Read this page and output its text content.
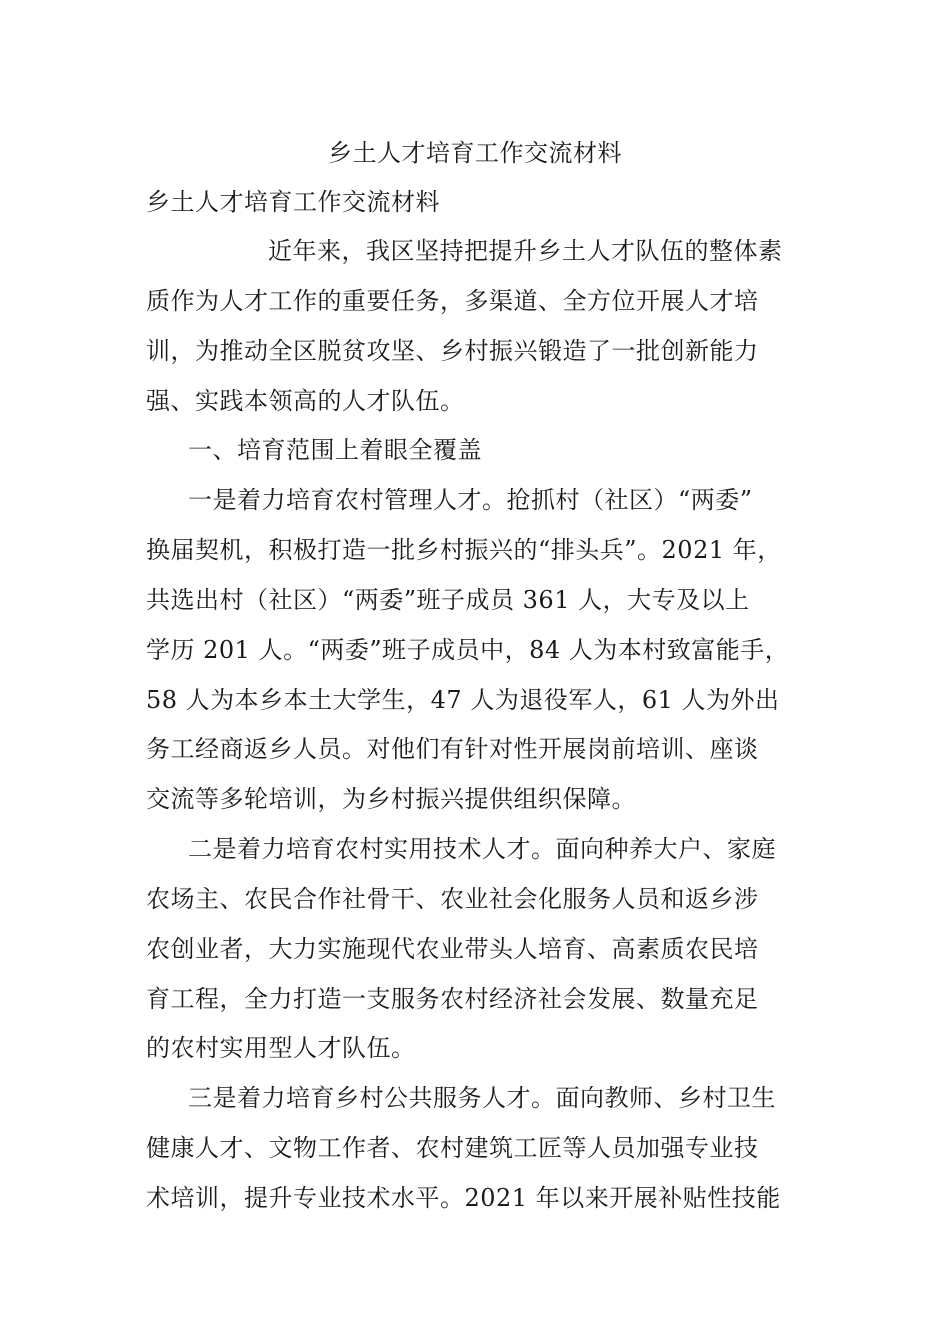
乡土人才培育工作交流材料
乡土人才培育工作交流材料
近年来，我区坚持把提升乡土人才队伍的整体素
质作为人才工作的重要任务，多渠道、全方位开展人才培
训，为推动全区脱贫攻坚、乡村振兴锻造了一批创新能力
强、实践本领高的人才队伍。
一、培育范围上着眼全覆盖
一是着力培育农村管理人才。抢抓村（社区）“两委”
换届契机，积极打造一批乡村振兴的“排头兵”。2021 年，
共选出村（社区）“两委”班子成员 361 人，大专及以上
学历 201 人。“两委”班子成员中，84 人为本村致富能手，
58 人为本乡本土大学生，47 人为退役军人，61 人为外出
务工经商返乡人员。对他们有针对性开展岗前培训、座谈
交流等多轮培训，为乡村振兴提供组织保障。
二是着力培育农村实用技术人才。面向种养大户、家庭
农场主、农民合作社骨干、农业社会化服务人员和返乡涉
农创业者，大力实施现代农业带头人培育、高素质农民培
育工程，全力打造一支服务农村经济社会发展、数量充足
的农村实用型人才队伍。
三是着力培育乡村公共服务人才。面向教师、乡村卫生
健康人才、文物工作者、农村建筑工匠等人员加强专业技
术培训，提升专业技术水平。2021 年以来开展补贴性技能
